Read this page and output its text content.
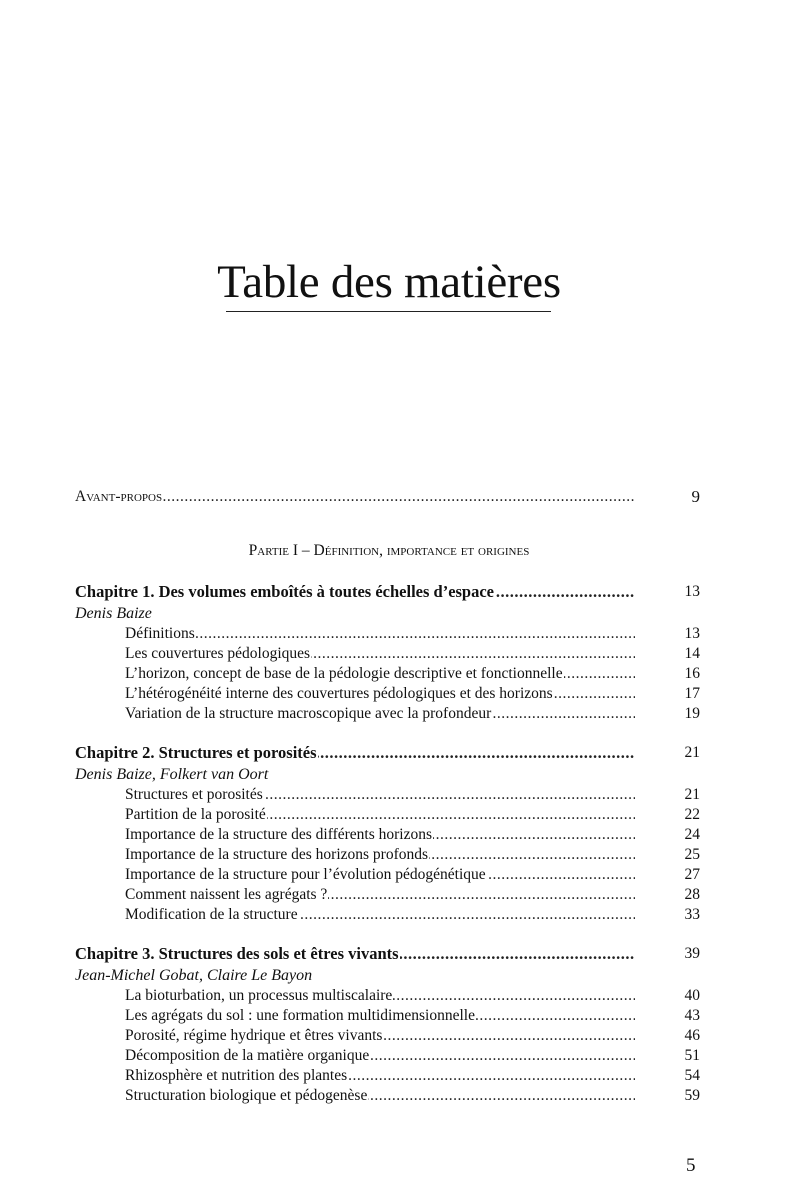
Table des matières
Avant-propos .....	9
Partie I – Définition, importance et origines
Chapitre 1. Des volumes emboîtés à toutes échelles d’espace .....	13
Denis Baize
Définitions .....	13
Les couvertures pédologiques .....	14
L’horizon, concept de base de la pédologie descriptive et fonctionnelle .....	16
L’hétérogénéité interne des couvertures pédologiques et des horizons .....	17
Variation de la structure macroscopique avec la profondeur .....	19
Chapitre 2. Structures et porosités .....	21
Denis Baize, Folkert van Oort
Structures et porosités .....	21
Partition de la porosité .....	22
Importance de la structure des différents horizons .....	24
Importance de la structure des horizons profonds .....	25
Importance de la structure pour l’évolution pédogénétique .....	27
Comment naissent les agrégats ? .....	28
Modification de la structure .....	33
Chapitre 3. Structures des sols et êtres vivants .....	39
Jean-Michel Gobat, Claire Le Bayon
La bioturbation, un processus multiscalaire .....	40
Les agrégats du sol : une formation multidimensionnelle .....	43
Porosité, régime hydrique et êtres vivants .....	46
Décomposition de la matière organique .....	51
Rhizosphère et nutrition des plantes .....	54
Structuration biologique et pédogenèse .....	59
5
